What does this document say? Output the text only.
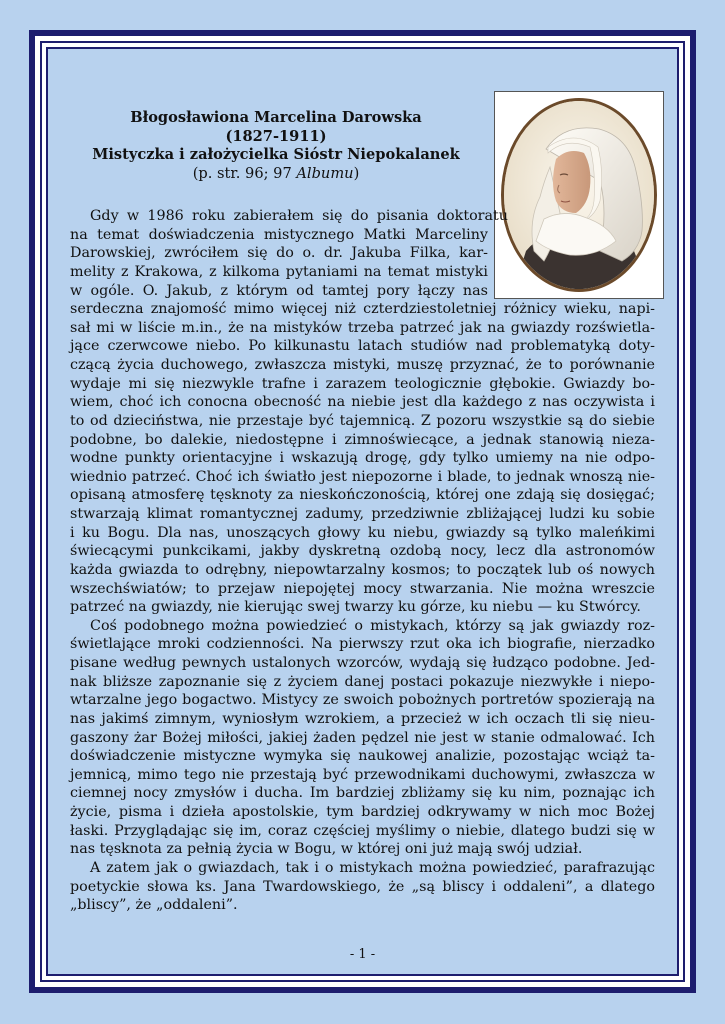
Błogosławiona Marcelina Darowska
(1827-1911)
Mistyczka i założycielka Sióstr Niepokalanek
(p. str. 96; 97 Albumu)
Gdy w 1986 roku zabierałem się do pisania doktoratu
na temat doświadczenia mistycznego Matki Marceliny
Darowskiej, zwróciłem się do o. dr. Jakuba Filka, kar-
melity z Krakowa, z kilkoma pytaniami na temat mistyki
w ogóle. O. Jakub, z którym od tamtej pory łączy nas
serdeczna znajomość mimo więcej niż czterdziestoletniej różnicy wieku, napi-
sał mi w liście m.in., że na mistyków trzeba patrzeć jak na gwiazdy rozświetla-
jące czerwcowe niebo. Po kilkunastu latach studiów nad problematyką doty-
czącą życia duchowego, zwłaszcza mistyki, muszę przyznać, że to porównanie
wydaje mi się niezwykle trafne i zarazem teologicznie głębokie. Gwiazdy bo-
wiem, choć ich conocna obecność na niebie jest dla każdego z nas oczywista i
to od dzieciństwa, nie przestaje być tajemnicą. Z pozoru wszystkie są do siebie
podobne, bo dalekie, niedostępne i zimnoświecące, a jednak stanowią nieza-
wodne punkty orientacyjne i wskazują drogę, gdy tylko umiemy na nie odpo-
wiednio patrzeć. Choć ich światło jest niepozorne i blade, to jednak wnoszą nie-
opisaną atmosferę tęsknoty za nieskończonością, której one zdają się dosięgać;
stwarzają klimat romantycznej zadumy, przedziwnie zbliżającej ludzi ku sobie
i ku Bogu. Dla nas, unoszących głowy ku niebu, gwiazdy są tylko maleńkimi
świecącymi punkcikami, jakby dyskretną ozdobą nocy, lecz dla astronomów
każda gwiazda to odrębny, niepowtarzalny kosmos; to początek lub oś nowych
wszechświatów; to przejaw niepojętej mocy stwarzania. Nie można wreszcie
patrzeć na gwiazdy, nie kierując swej twarzy ku górze, ku niebu — ku Stwórcy.
Coś podobnego można powiedzieć o mistykach, którzy są jak gwiazdy roz-
świetlające mroki codzienności. Na pierwszy rzut oka ich biografie, nierzadko
pisane według pewnych ustalonych wzorców, wydają się łudząco podobne. Jed-
nak bliższe zapoznanie się z życiem danej postaci pokazuje niezwykłe i niepo-
wtarzalne jego bogactwo. Mistycy ze swoich pobożnych portretów spozierają na
nas jakimś zimnym, wyniosłym wzrokiem, a przecież w ich oczach tli się nieu-
gaszony żar Bożej miłości, jakiej żaden pędzel nie jest w stanie odmalować. Ich
doświadczenie mistyczne wymyka się naukowej analizie, pozostając wciąż ta-
jemnicą, mimo tego nie przestają być przewodnikami duchowymi, zwłaszcza w
ciemnej nocy zmysłów i ducha. Im bardziej zbliżamy się ku nim, poznając ich
życie, pisma i dzieła apostolskie, tym bardziej odkrywamy w nich moc Bożej
łaski. Przyglądając się im, coraz częściej myślimy o niebie, dlatego budzi się w
nas tęsknota za pełnią życia w Bogu, w której oni już mają swój udział.
A zatem jak o gwiazdach, tak i o mistykach można powiedzieć, parafrazując
poetyckie słowa ks. Jana Twardowskiego, że „są bliscy i oddaleni”, a dlatego
„bliscy”, że „oddaleni”.
- 1 -
